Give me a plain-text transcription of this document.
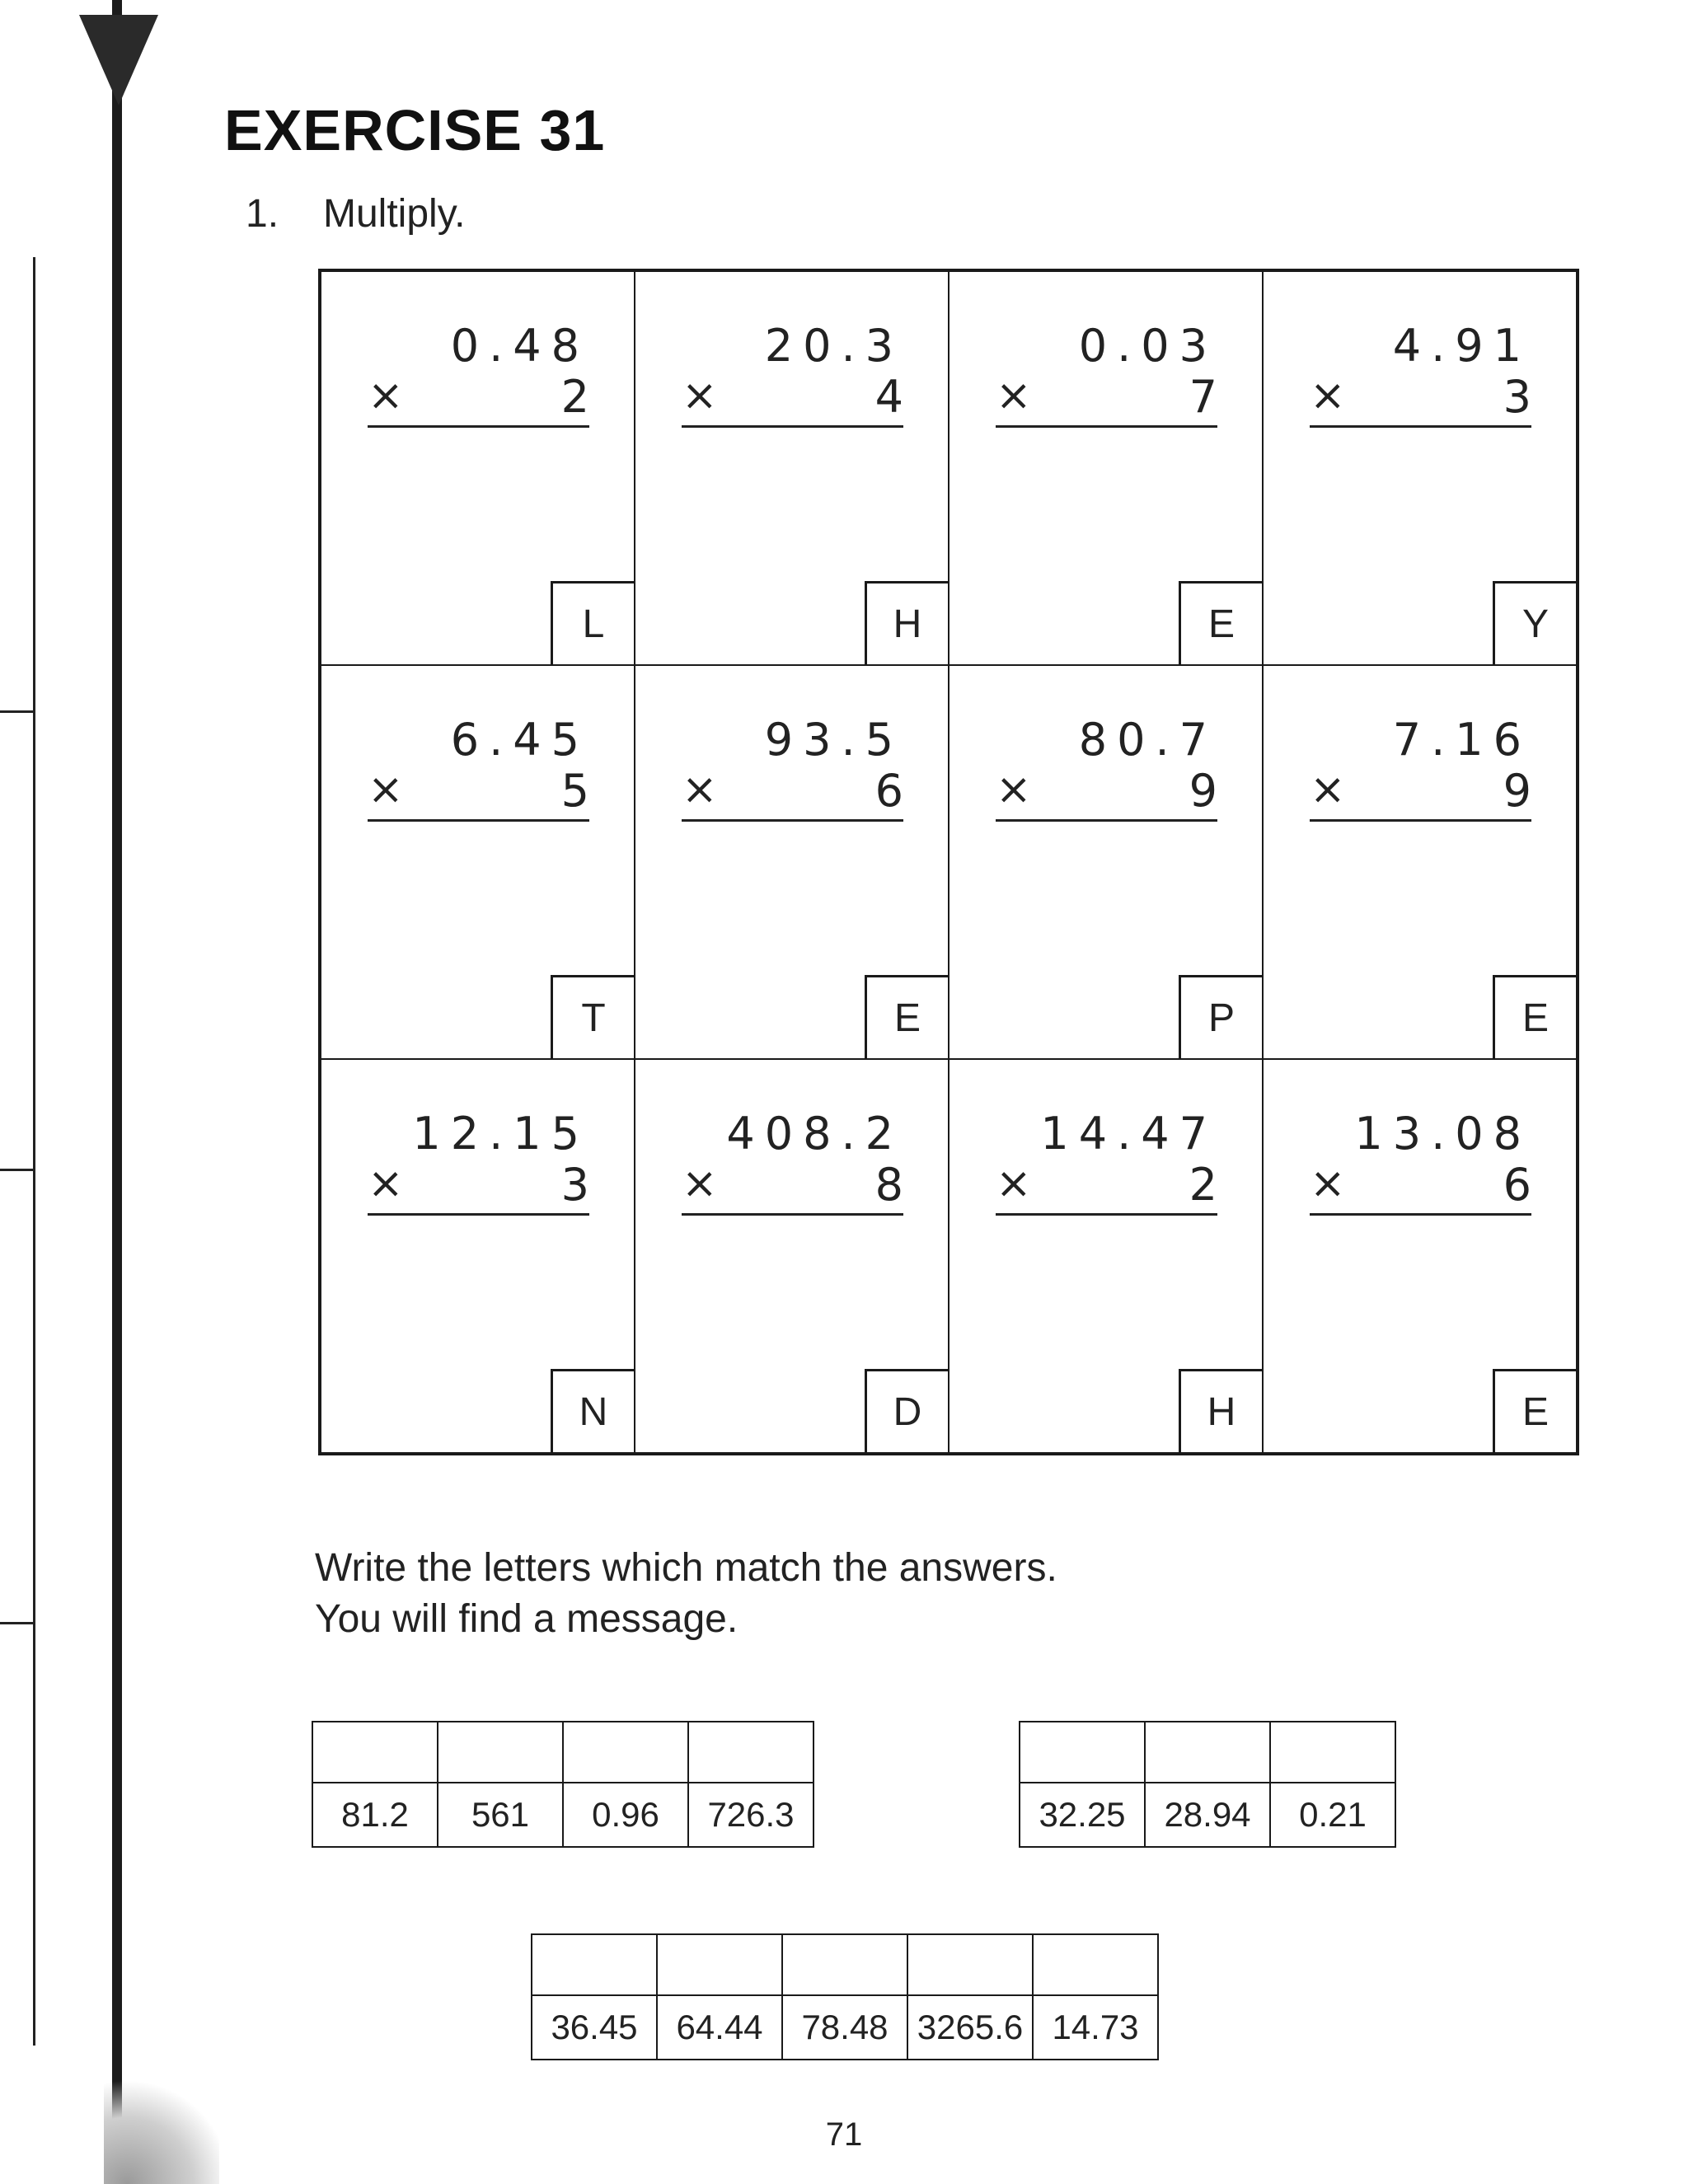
EXERCISE 31
1. Multiply.
0.48
×	2
L
20.3
×	4
H
0.03
×	7
E
4.91
×	3
Y
6.45
×	5
T
93.5
×	6
E
80.7
×	9
P
7.16
×	9
E
12.15
×	3
N
408.2
×	8
D
14.47
×	2
H
13.08
×	6
E
Write the letters which match the answers.
You will find a message.

81.2	561	0.96	726.3
			32.25	28.94	0.21

36.45	64.44	78.48	3265.6	14.73
71
